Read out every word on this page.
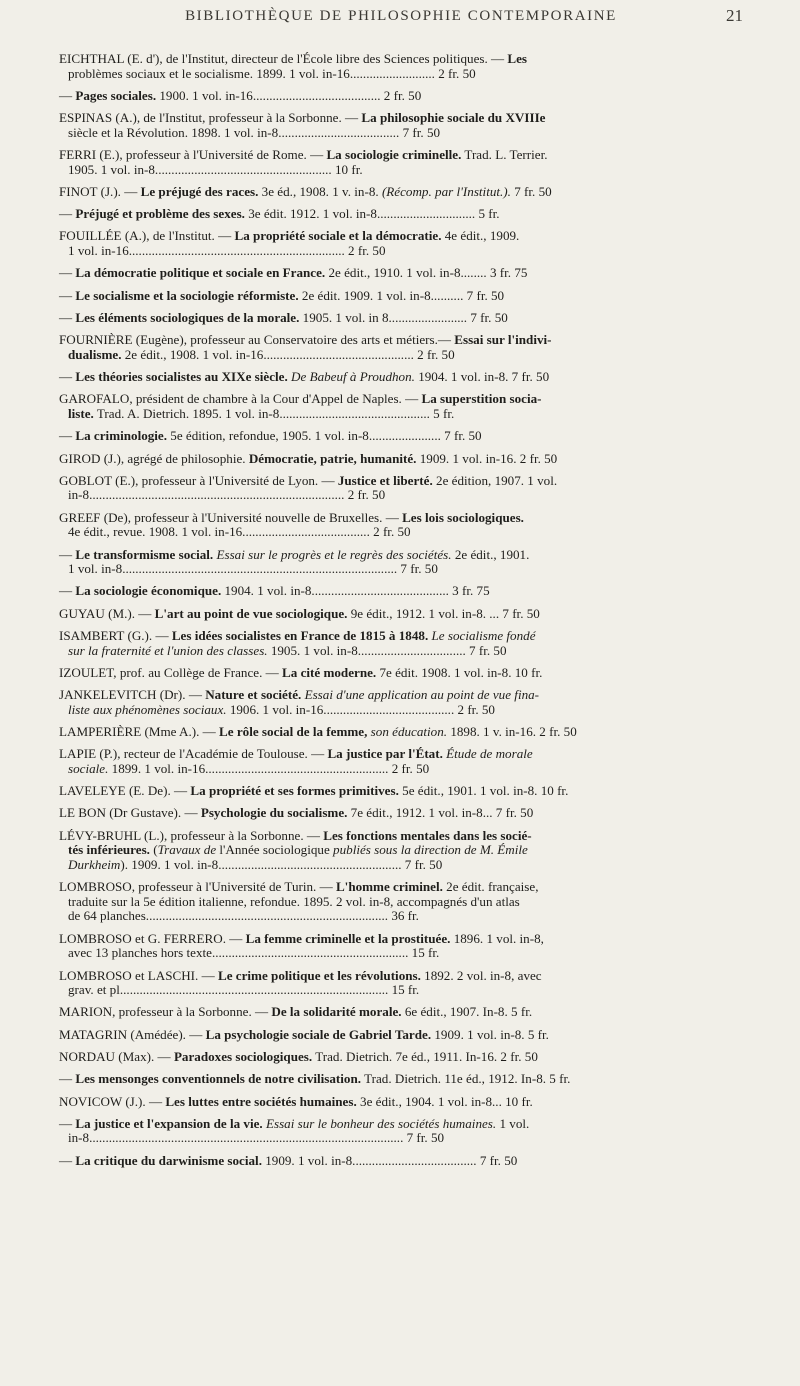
BIBLIOTHÈQUE DE PHILOSOPHIE CONTEMPORAINE	21
EICHTHAL (E. d'), de l'Institut, directeur de l'École libre des Sciences politiques. — Les
problèmes sociaux et le socialisme. 1899. 1 vol. in-16.......................... 2 fr. 50
— Pages sociales. 1900. 1 vol. in-16....................................... 2 fr. 50
ESPINAS (A.), de l'Institut, professeur à la Sorbonne. — La philosophie sociale du XVIIIe
siècle et la Révolution. 1898. 1 vol. in-8..................................... 7 fr. 50
FERRI (E.), professeur à l'Université de Rome. — La sociologie criminelle. Trad. L. Terrier.
1905. 1 vol. in-8...................................................... 10 fr.
FINOT (J.). — Le préjugé des races. 3e éd., 1908. 1 v. in-8. (Récomp. par l'Institut.). 7 fr. 50
— Préjugé et problème des sexes. 3e édit. 1912. 1 vol. in-8.............................. 5 fr.
FOUILLÉE (A.), de l'Institut. — La propriété sociale et la démocratie. 4e édit., 1909.
1 vol. in-16.................................................................. 2 fr. 50
— La démocratie politique et sociale en France. 2e édit., 1910. 1 vol. in-8........ 3 fr. 75
— Le socialisme et la sociologie réformiste. 2e édit. 1909. 1 vol. in-8.......... 7 fr. 50
— Les éléments sociologiques de la morale. 1905. 1 vol. in 8........................ 7 fr. 50
FOURNIÈRE (Eugène), professeur au Conservatoire des arts et métiers.— Essai sur l'indivi-
dualisme. 2e édit., 1908. 1 vol. in-16.............................................. 2 fr. 50
— Les théories socialistes au XIXe siècle. De Babeuf à Proudhon. 1904. 1 vol. in-8. 7 fr. 50
GAROFALO, président de chambre à la Cour d'Appel de Naples. — La superstition socia-
liste. Trad. A. Dietrich. 1895. 1 vol. in-8.............................................. 5 fr.
— La criminologie. 5e édition, refondue, 1905. 1 vol. in-8...................... 7 fr. 50
GIROD (J.), agrégé de philosophie. Démocratie, patrie, humanité. 1909. 1 vol. in-16. 2 fr. 50
GOBLOT (E.), professeur à l'Université de Lyon. — Justice et liberté. 2e édition, 1907. 1 vol.
in-8.............................................................................. 2 fr. 50
GREEF (De), professeur à l'Université nouvelle de Bruxelles. — Les lois sociologiques.
4e édit., revue. 1908. 1 vol. in-16....................................... 2 fr. 50
— Le transformisme social. Essai sur le progrès et le regrès des sociétés. 2e édit., 1901.
1 vol. in-8.................................................................................... 7 fr. 50
— La sociologie économique. 1904. 1 vol. in-8.......................................... 3 fr. 75
GUYAU (M.). — L'art au point de vue sociologique. 9e édit., 1912. 1 vol. in-8. ... 7 fr. 50
ISAMBERT (G.). — Les idées socialistes en France de 1815 à 1848. Le socialisme fondé
sur la fraternité et l'union des classes. 1905. 1 vol. in-8................................. 7 fr. 50
IZOULET, prof. au Collège de France. — La cité moderne. 7e édit. 1908. 1 vol. in-8. 10 fr.
JANKELEVITCH (Dr). — Nature et société. Essai d'une application au point de vue fina-
liste aux phénomènes sociaux. 1906. 1 vol. in-16........................................ 2 fr. 50
LAMPERIÈRE (Mme A.). — Le rôle social de la femme, son éducation. 1898. 1 v. in-16. 2 fr. 50
LAPIE (P.), recteur de l'Académie de Toulouse. — La justice par l'État. Étude de morale
sociale. 1899. 1 vol. in-16........................................................ 2 fr. 50
LAVELEYE (E. De). — La propriété et ses formes primitives. 5e édit., 1901. 1 vol. in-8. 10 fr.
LE BON (Dr Gustave). — Psychologie du socialisme. 7e édit., 1912. 1 vol. in-8... 7 fr. 50
LÉVY-BRUHL (L.), professeur à la Sorbonne. — Les fonctions mentales dans les socié-
tés inférieures. (Travaux de l'Année sociologique publiés sous la direction de M. Émile
Durkheim). 1909. 1 vol. in-8........................................................ 7 fr. 50
LOMBROSO, professeur à l'Université de Turin. — L'homme criminel. 2e édit. française,
traduite sur la 5e édition italienne, refondue. 1895. 2 vol. in-8, accompagnés d'un atlas
de 64 planches.......................................................................... 36 fr.
LOMBROSO et G. FERRERO. — La femme criminelle et la prostituée. 1896. 1 vol. in-8,
avec 13 planches hors texte............................................................ 15 fr.
LOMBROSO et LASCHI. — Le crime politique et les révolutions. 1892. 2 vol. in-8, avec
grav. et pl.................................................................................. 15 fr.
MARION, professeur à la Sorbonne. — De la solidarité morale. 6e édit., 1907. In-8. 5 fr.
MATAGRIN (Amédée). — La psychologie sociale de Gabriel Tarde. 1909. 1 vol. in-8. 5 fr.
NORDAU (Max). — Paradoxes sociologiques. Trad. Dietrich. 7e éd., 1911. In-16. 2 fr. 50
— Les mensonges conventionnels de notre civilisation. Trad. Dietrich. 11e éd., 1912. In-8. 5 fr.
NOVICOW (J.). — Les luttes entre sociétés humaines. 3e édit., 1904. 1 vol. in-8... 10 fr.
— La justice et l'expansion de la vie. Essai sur le bonheur des sociétés humaines. 1 vol.
in-8................................................................................................ 7 fr. 50
— La critique du darwinisme social. 1909. 1 vol. in-8...................................... 7 fr. 50
